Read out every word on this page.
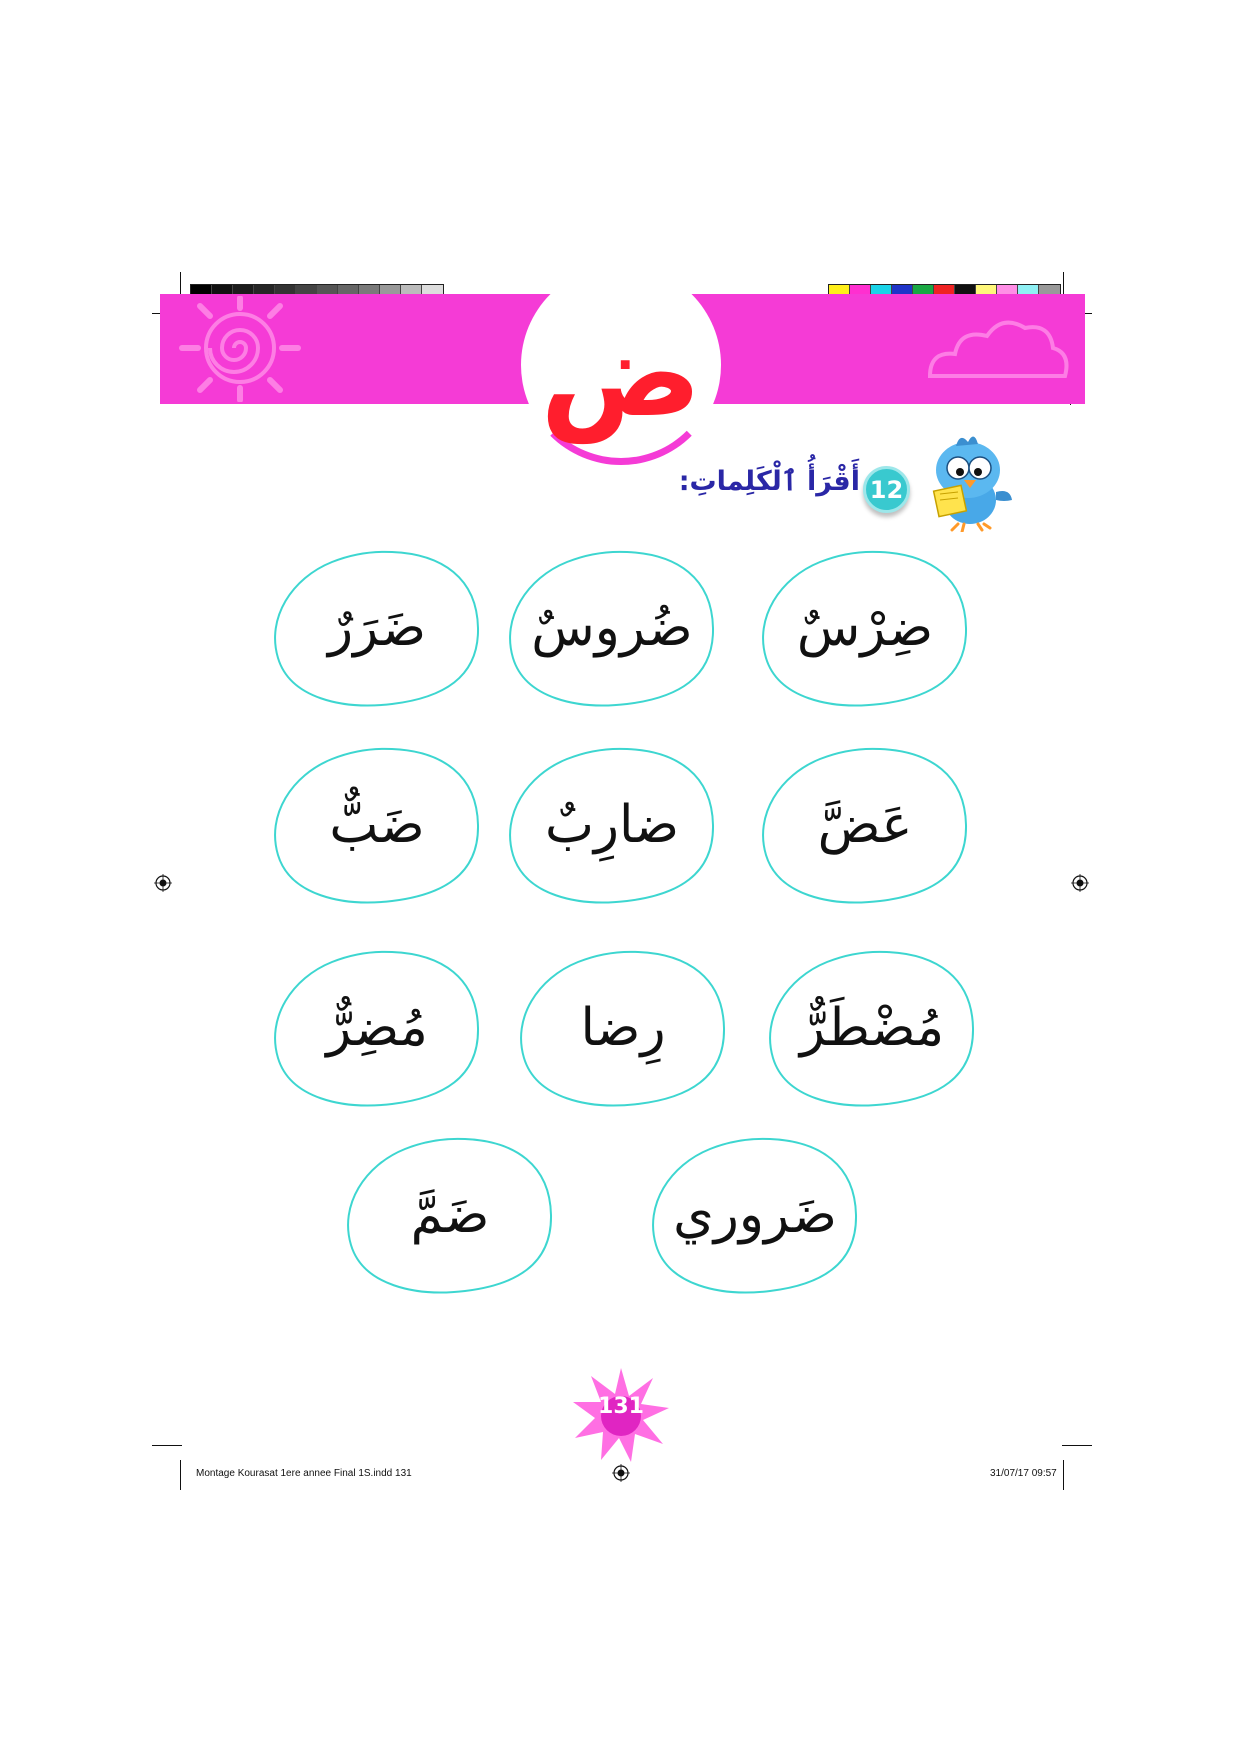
ض
أَقْرَأُ ٱلْكَلِماتِ: 12
ضِرْسٌ
ضُروسٌ
ضَرَرٌ
عَضَّ
ضارِبٌ
ضَبٌّ
مُضْطَرٌّ
رِضا
مُضِرٌّ
ضَروري
ضَمَّ
131
Montage Kourasat 1ere annee Final 1S.indd 131	31/07/17 09:57
